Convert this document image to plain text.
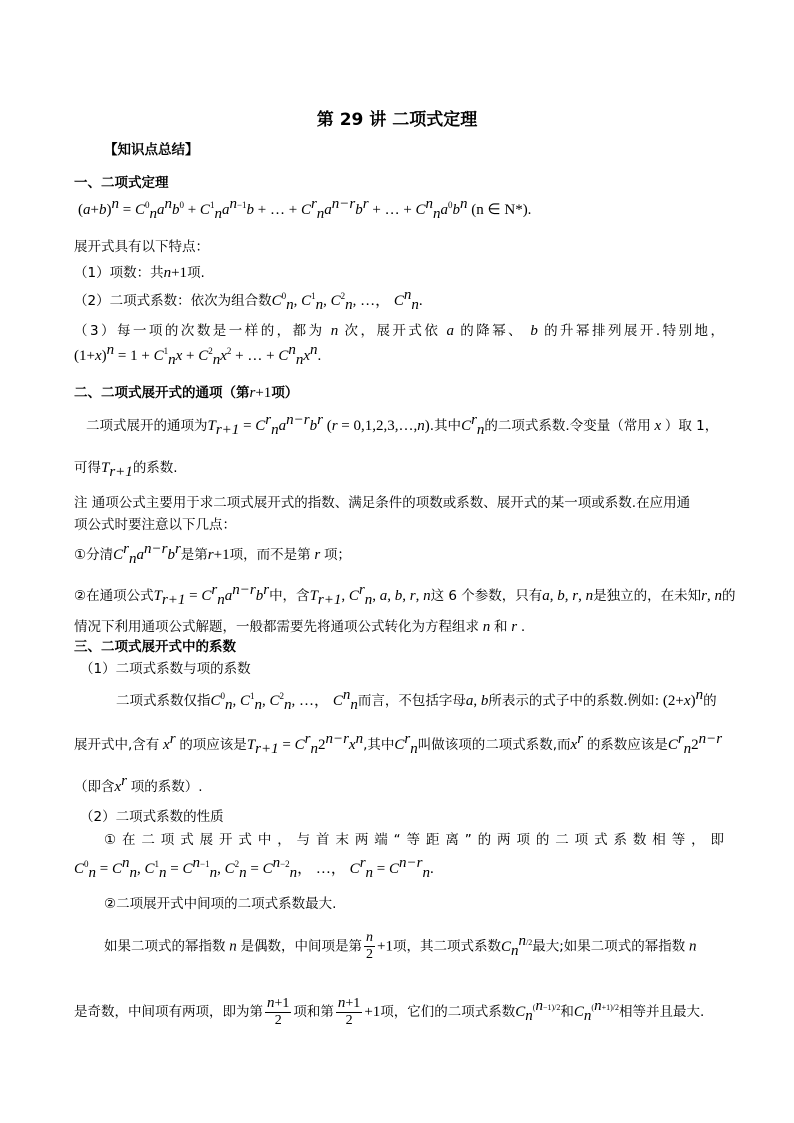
第 29 讲 二项式定理
【知识点总结】
一、二项式定理
$(a+b)^n = C^0_na^nb^0 + C^1_na^{n-1}b$ + … + $C^r_na^{n-r}b^r$ + … + $C^n_na^0b^n$ (n ∈ N*).
展开式具有以下特点：
（1）项数：共n+1项.
（2）二项式系数：依次为组合数$C^0_n$, $C^1_n$, $C^2_n$, …， $C^n_n$.
（3）每一项的次数是一样的，都为 n 次，展开式依 a 的降幂、 b 的升幂排列展开.特别地，
$(1+x)^n = 1 + C^1_nx + C^2_nx^2$ + … + $C^n_nx^n$.
二、二项式展开式的通项（第r+1项）
二项式展开的通项为$T_{r+1} = C^r_na^{n-r}b^r$ (r = 0,1,2,3,…,n).其中$C^r_n$的二项式系数.令变量（常用 x ）取 1，
可得$T_{r+1}$的系数.
注 通项公式主要用于求二项式展开式的指数、满足条件的项数或系数、展开式的某一项或系数.在应用通
项公式时要注意以下几点：
①分清$C^r_na^{n-r}b^r$是第r+1项，而不是第 r 项；
②在通项公式$T_{r+1} = C^r_na^{n-r}b^r$中，含$T_{r+1}$, $C^r_n$, a, b, r, n这 6 个参数，只有a, b, r, n是独立的，在未知r, n的
情况下利用通项公式解题，一般都需要先将通项公式转化为方程组求 n 和 r .
三、二项式展开式中的系数
（1）二项式系数与项的系数
二项式系数仅指$C^0_n$, $C^1_n$, $C^2_n$, …， $C^n_n$而言，不包括字母a, b所表示的式子中的系数.例如: $(2+x)^n$的
展开式中,含有 $x^r$ 的项应该是$T_{r+1} = C^r_n2^{n-r}x^n$,其中$C^r_n$叫做该项的二项式系数,而$x^r$ 的系数应该是$C^r_n2^{n-r}$
（即含$x^r$ 项的系数）.
（2）二项式系数的性质
①在二项式展开式中，与首末两端“等距离”的两项的二项式系数相等，即
$C^0_n = C^n_n$, $C^1_n = C^{n-1}_n$, $C^2_n = C^{n-2}_n$， …， $C^r_n = C^{n-r}_n$.
②二项展开式中间项的二项式系数最大.
如果二项式的幂指数 n 是偶数，中间项是第 $\frac{n}{2} +1$项，其二项式系数$C_n^{n/2}$最大;如果二项式的幂指数 n
是奇数，中间项有两项，即为第 $\frac{n+1}{2}$ 项和第 $\frac{n+1}{2} +1$项，它们的二项式系数$C_n^{(n-1)/2}$和$C_n^{(n+1)/2}$相等并且最大.
